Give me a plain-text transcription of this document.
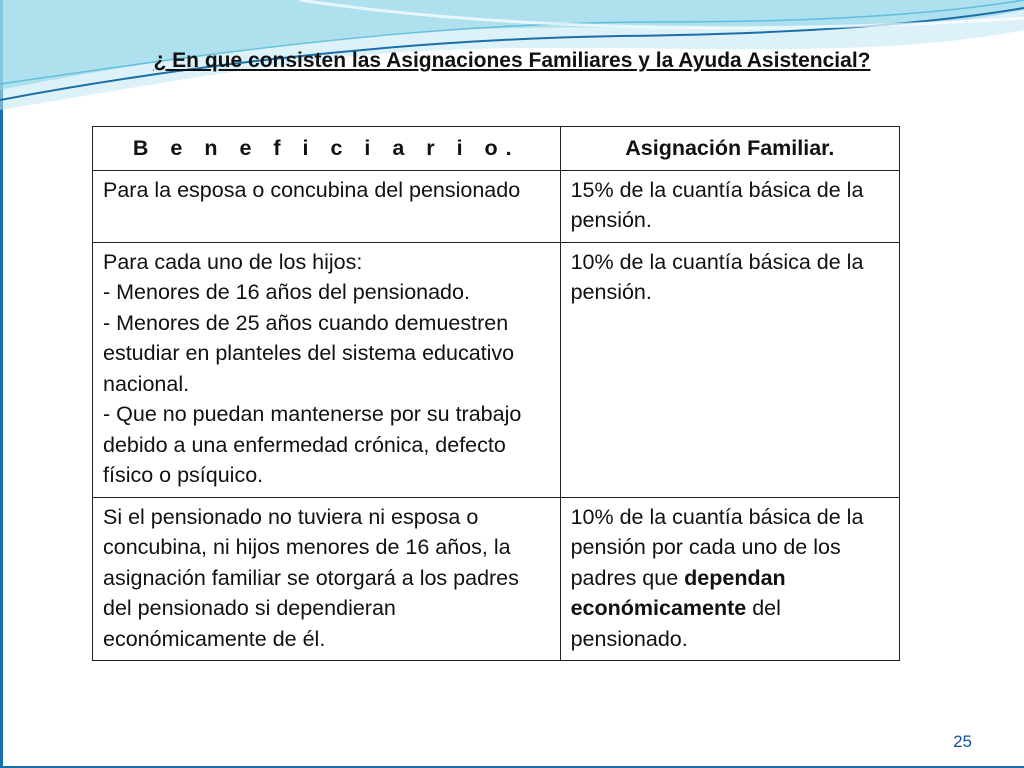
¿ En que consisten las Asignaciones Familiares y la Ayuda Asistencial?
B e n e f i c i a r i o.	Asignación Familiar.

Para la esposa o concubina del pensionado	15% de la cuantía básica de la pensión.

Para cada uno de los hijos:

- Menores de 16 años del pensionado.

- Menores de 25 años cuando demuestren estudiar en planteles del sistema educativo nacional.

- Que no puedan mantenerse por su trabajo debido a una enfermedad crónica, defecto físico o psíquico.	10% de la cuantía básica de la pensión.

Si el pensionado no tuviera ni esposa o concubina, ni hijos menores de 16 años, la asignación familiar se otorgará a los padres del pensionado si dependieran económicamente de él.	10% de la cuantía básica de la pensión por cada uno de los padres que dependan económicamente del pensionado.

25
